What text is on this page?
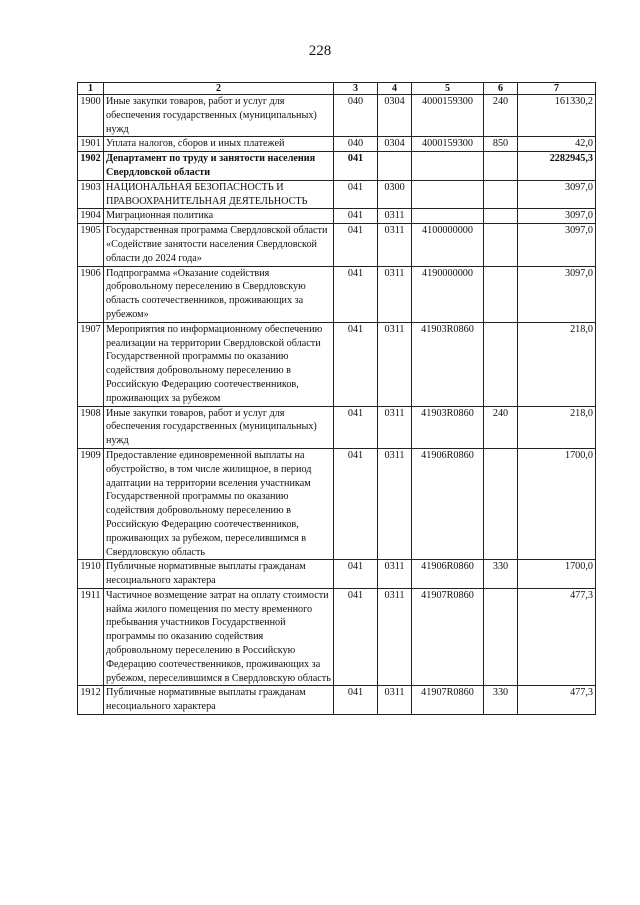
228
1	2	3	4	5	6	7
1900	Иные закупки товаров, работ и услуг для обеспечения государственных (муниципальных) нужд	040	0304	4000159300	240	161330,2
1901	Уплата налогов, сборов и иных платежей	040	0304	4000159300	850	42,0
1902	Департамент по труду и занятости населения Свердловской области	041				2282945,3
1903	НАЦИОНАЛЬНАЯ БЕЗОПАСНОСТЬ И ПРАВООХРАНИТЕЛЬНАЯ ДЕЯТЕЛЬНОСТЬ	041	0300			3097,0
1904	Миграционная политика	041	0311			3097,0
1905	Государственная программа Свердловской области «Содействие занятости населения Свердловской области до 2024 года»	041	0311	4100000000		3097,0
1906	Подпрограмма «Оказание содействия добровольному переселению в Свердловскую область соотечественников, проживающих за рубежом»	041	0311	4190000000		3097,0
1907	Мероприятия по информационному обеспечению реализации на территории Свердловской области Государственной программы по оказанию содействия добровольному переселению в Российскую Федерацию соотечественников, проживающих за рубежом	041	0311	41903R0860		218,0
1908	Иные закупки товаров, работ и услуг для обеспечения государственных (муниципальных) нужд	041	0311	41903R0860	240	218,0
1909	Предоставление единовременной выплаты на обустройство, в том числе жилищное, в период адаптации на территории вселения участникам Государственной программы по оказанию содействия добровольному переселению в Российскую Федерацию соотечественников, проживающих за рубежом, переселившимся в Свердловскую область	041	0311	41906R0860		1700,0
1910	Публичные нормативные выплаты гражданам несоциального характера	041	0311	41906R0860	330	1700,0
1911	Частичное возмещение затрат на оплату стоимости найма жилого помещения по месту временного пребывания участников Государственной программы по оказанию содействия добровольному переселению в Российскую Федерацию соотечественников, проживающих за рубежом, переселившимся в Свердловскую область	041	0311	41907R0860		477,3
1912	Публичные нормативные выплаты гражданам несоциального характера	041	0311	41907R0860	330	477,3
